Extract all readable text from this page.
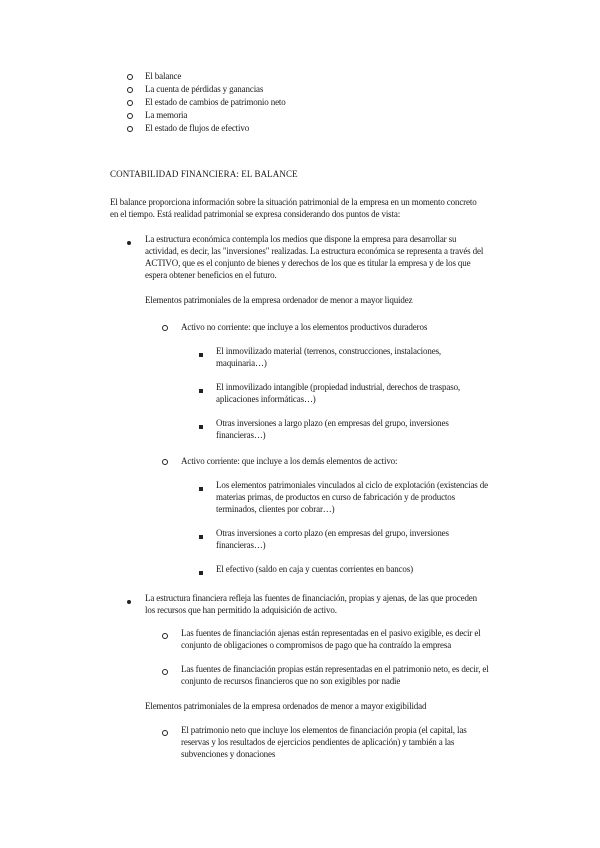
El balance
La cuenta de pérdidas y ganancias
El estado de cambios de patrimonio neto
La memoria
El estado de flujos de efectivo
CONTABILIDAD FINANCIERA: EL BALANCE
El balance proporciona información sobre la situación patrimonial de la empresa en un momento concreto
en el tiempo. Está realidad patrimonial se expresa considerando dos puntos de vista:
La estructura económica contempla los medios que dispone la empresa para desarrollar su
actividad, es decir, las "inversiones" realizadas. La estructura económica se representa a través del
ACTIVO, que es el conjunto de bienes y derechos de los que es titular la empresa y de los que
espera obtener beneficios en el futuro.
Elementos patrimoniales de la empresa ordenador de menor a mayor liquidez
Activo no corriente: que incluye a los elementos productivos duraderos
El inmovilizado material (terrenos, construcciones, instalaciones,
maquinaria…)
El inmovilizado intangible (propiedad industrial, derechos de traspaso,
aplicaciones informáticas…)
Otras inversiones a largo plazo (en empresas del grupo, inversiones
financieras…)
Activo corriente: que incluye a los demás elementos de activo:
Los elementos patrimoniales vinculados al ciclo de explotación (existencias de
materias primas, de productos en curso de fabricación y de productos
terminados, clientes por cobrar…)
Otras inversiones a corto plazo (en empresas del grupo, inversiones
financieras…)
El efectivo (saldo en caja y cuentas corrientes en bancos)
La estructura financiera refleja las fuentes de financiación, propias y ajenas, de las que proceden
los recursos que han permitido la adquisición de activo.
Las fuentes de financiación ajenas están representadas en el pasivo exigible, es decir el
conjunto de obligaciones o compromisos de pago que ha contraído la empresa
Las fuentes de financiación propias están representadas en el patrimonio neto, es decir, el
conjunto de recursos financieros que no son exigibles por nadie
Elementos patrimoniales de la empresa ordenados de menor a mayor exigibilidad
El patrimonio neto que incluye los elementos de financiación propia (el capital, las
reservas y los resultados de ejercicios pendientes de aplicación) y también a las
subvenciones y donaciones
